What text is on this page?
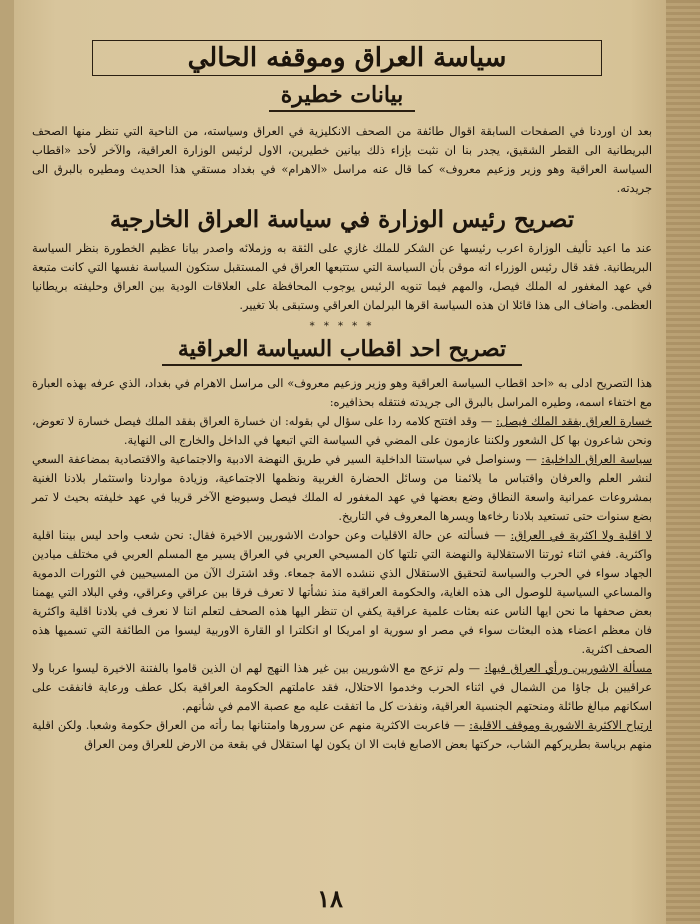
سياسة العراق وموقفه الحالي
بيانات خطيرة

بعد ان اوردنا في الصفحات السابقة اقوال طائفة من الصحف الانكليزية في العراق وسياسته، من الناحية التي تنظر منها الصحف البريطانية الى القطر الشقيق، يجدر بنا ان نثبت بإزاء ذلك بيانين خطيرين، الاول لرئيس الوزارة العراقية، والآخر لأحد «اقطاب السياسة العراقية وهو وزير وزعيم معروف» كما قال عنه مراسل «الاهرام» في بغداد مستقي هذا الحديث ومطيره بالبرق الى جريدته.

تصريح رئيس الوزارة في سياسة العراق الخارجية

عند ما اعيد تأليف الوزارة اعرب رئيسها عن الشكر للملك غازي على الثقة به وزملائه واصدر بيانا عظيم الخطورة بنظر السياسة البريطانية. فقد قال رئيس الوزراء انه موقن بأن السياسة التي ستتبعها العراق في المستقبل ستكون السياسة نفسها التي كانت متبعة في عهد المغفور له الملك فيصل، والمهم فيما تنويه الرئيس يوجوب المحافظة على العلاقات الودية بين العراق وحليفته بريطانيا العظمى. واضاف الى هذا قائلا ان هذه السياسة اقرها البرلمان العراقي وستبقى بلا تغيير.

* * * * *
تصريح احد اقطاب السياسة العراقية

هذا التصريح ادلى به «احد اقطاب السياسة العراقية وهو وزير وزعيم معروف» الى مراسل الاهرام في بغداد، الذي عرفه بهذه العبارة مع اختفاء اسمه، وطيره المراسل بالبرق الى جريدته فنتقله بحذافيره:

خسارة العراق بفقد الملك فيصل: — وقد افتتح كلامه ردا على سؤال لي بقوله: ان خسارة العراق بفقد الملك فيصل خسارة لا تعوض، ونحن شاعرون بها كل الشعور ولكننا عازمون على المضي في السياسة التي اتبعها في الداخل والخارج الى النهاية.

سياسة العراق الداخلية: — وسنواصل في سياستنا الداخلية السير في طريق النهضة الادبية والاجتماعية والاقتصادية بمضاعفة السعي لنشر العلم والعرفان واقتباس ما يلائمنا من وسائل الحضارة الغربية ونظمها الاجتماعية، وزيادة مواردنا واستثمار بلادنا الغنية بمشروعات عمرانية واسعة النطاق وضع بعضها في عهد المغفور له الملك فيصل وسيوضع الآخر قريبا في عهد خليفته بحيث لا تمر بضع سنوات حتى تستعيد بلادنا رخاءها ويسرها المعروف في التاريخ.

لا اقلية ولا اكثرية في العراق: — فسألته عن حالة الاقليات وعن حوادث الاشوريين الاخيرة فقال: نحن شعب واحد ليس بيننا اقلية واكثرية. ففي اثناء ثورتنا الاستقلالية والنهضة التي تلتها كان المسيحي العربي في العراق يسير مع المسلم العربي في مختلف ميادين الجهاد سواء في الحرب والسياسة لتحقيق الاستقلال الذي ننشده الامة جمعاء. وقد اشترك الآن من المسيحيين في الثورات الدموية والمساعي السياسية للوصول الى هذه الغاية، والحكومة العراقية منذ نشأتها لا تعرف فرقا بين عراقي وعراقي، وفي البلاد التي يهمنا بعض صحفها ما نحن ايها الناس عنه بعثات علمية عراقية يكفي ان تنظر اليها هذه الصحف لتعلم اننا لا نعرف في بلادنا اقلية واكثرية فان معظم اعضاء هذه البعثات سواء في مصر او سورية او امريكا او انكلترا او القارة الاوربية ليسوا من الطائفة التي تسميها هذه الصحف اكثرية.

مسألة الاشوريين ورأي العراق فيها: — ولم تزعج مع الاشوريين بين غير هذا النهج لهم ان الذين قاموا بالفتنة الاخيرة ليسوا عربا ولا عراقيين بل جاؤا من الشمال في اثناء الحرب وخدموا الاحتلال، فقد عاملتهم الحكومة العراقية بكل عطف ورعاية فانفقت على اسكانهم مبالغ طائلة ومنحتهم الجنسية العراقية، ونفذت كل ما اتفقت عليه مع عصبة الامم في شأنهم.

ارتياح الاكثرية الاشورية وموقف الاقلية: — فاعربت الاكثرية منهم عن سرورها وامتنانها بما رأته من العراق حكومة وشعبا. ولكن اقلية منهم برياسة بطريركهم الشاب، حركتها بعض الاصابع فابت الا ان يكون لها استقلال في بقعة من الارض للعراق ومن العراق

١٨
